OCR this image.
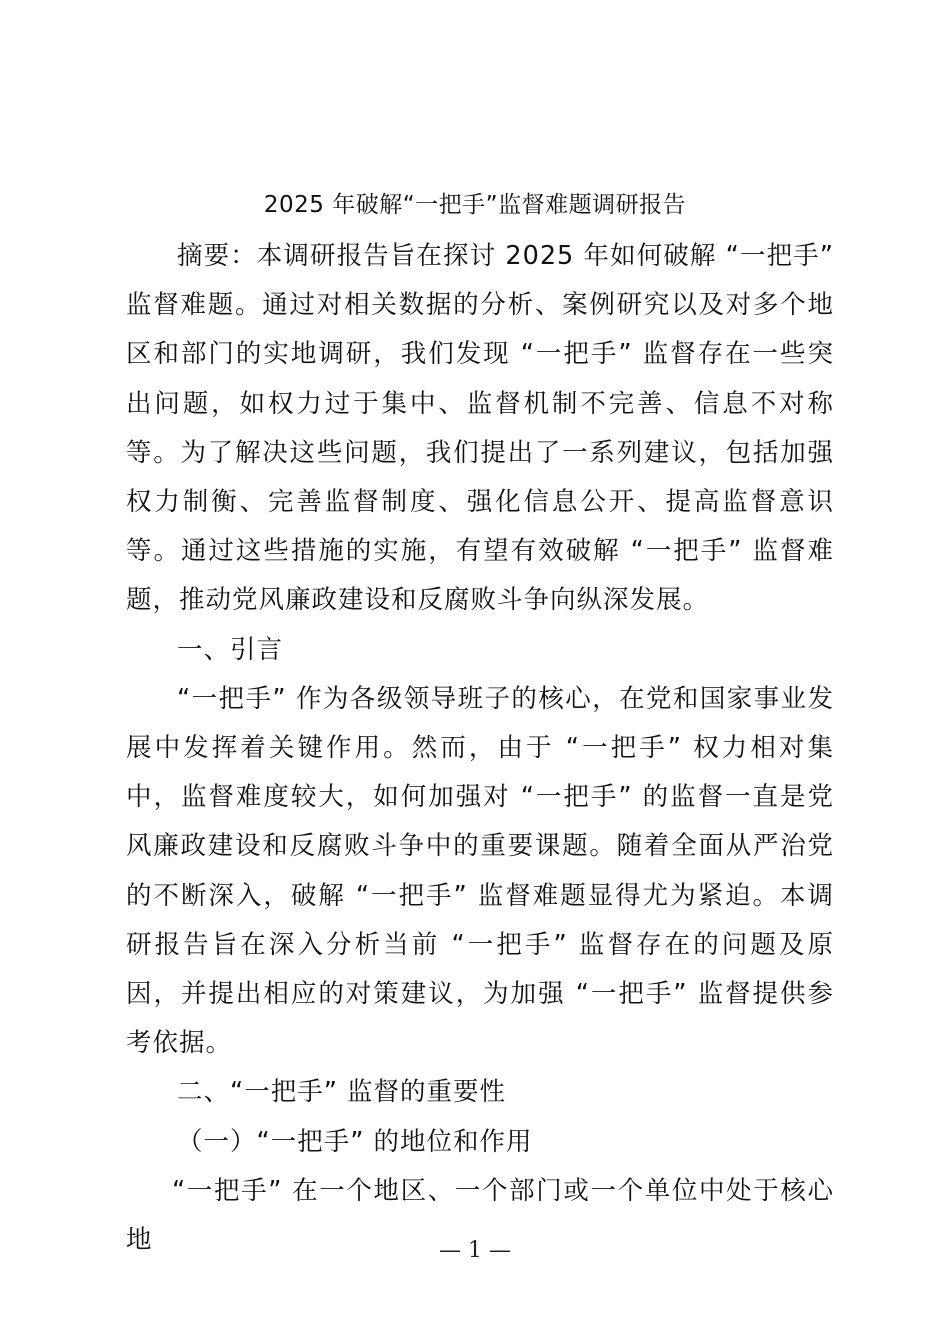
2025 年破解“一把手”监督难题调研报告

摘要：本调研报告旨在探讨 2025 年如何破解 “一把手” 监督难题。通过对相关数据的分析、案例研究以及对多个地区和部门的实地调研，我们发现 “一把手” 监督存在一些突出问题，如权力过于集中、监督机制不完善、信息不对称等。为了解决这些问题，我们提出了一系列建议，包括加强权力制衡、完善监督制度、强化信息公开、提高监督意识等。通过这些措施的实施，有望有效破解 “一把手” 监督难题，推动党风廉政建设和反腐败斗争向纵深发展。

一、引言

“一把手” 作为各级领导班子的核心，在党和国家事业发展中发挥着关键作用。然而，由于 “一把手” 权力相对集中，监督难度较大，如何加强对 “一把手” 的监督一直是党风廉政建设和反腐败斗争中的重要课题。随着全面从严治党的不断深入，破解 “一把手” 监督难题显得尤为紧迫。本调研报告旨在深入分析当前 “一把手” 监督存在的问题及原因，并提出相应的对策建议，为加强 “一把手” 监督提供参考依据。

二、“一把手” 监督的重要性

（一）“一把手” 的地位和作用

“一把手” 在一个地区、一个部门或一个单位中处于核心地	— 1 —
